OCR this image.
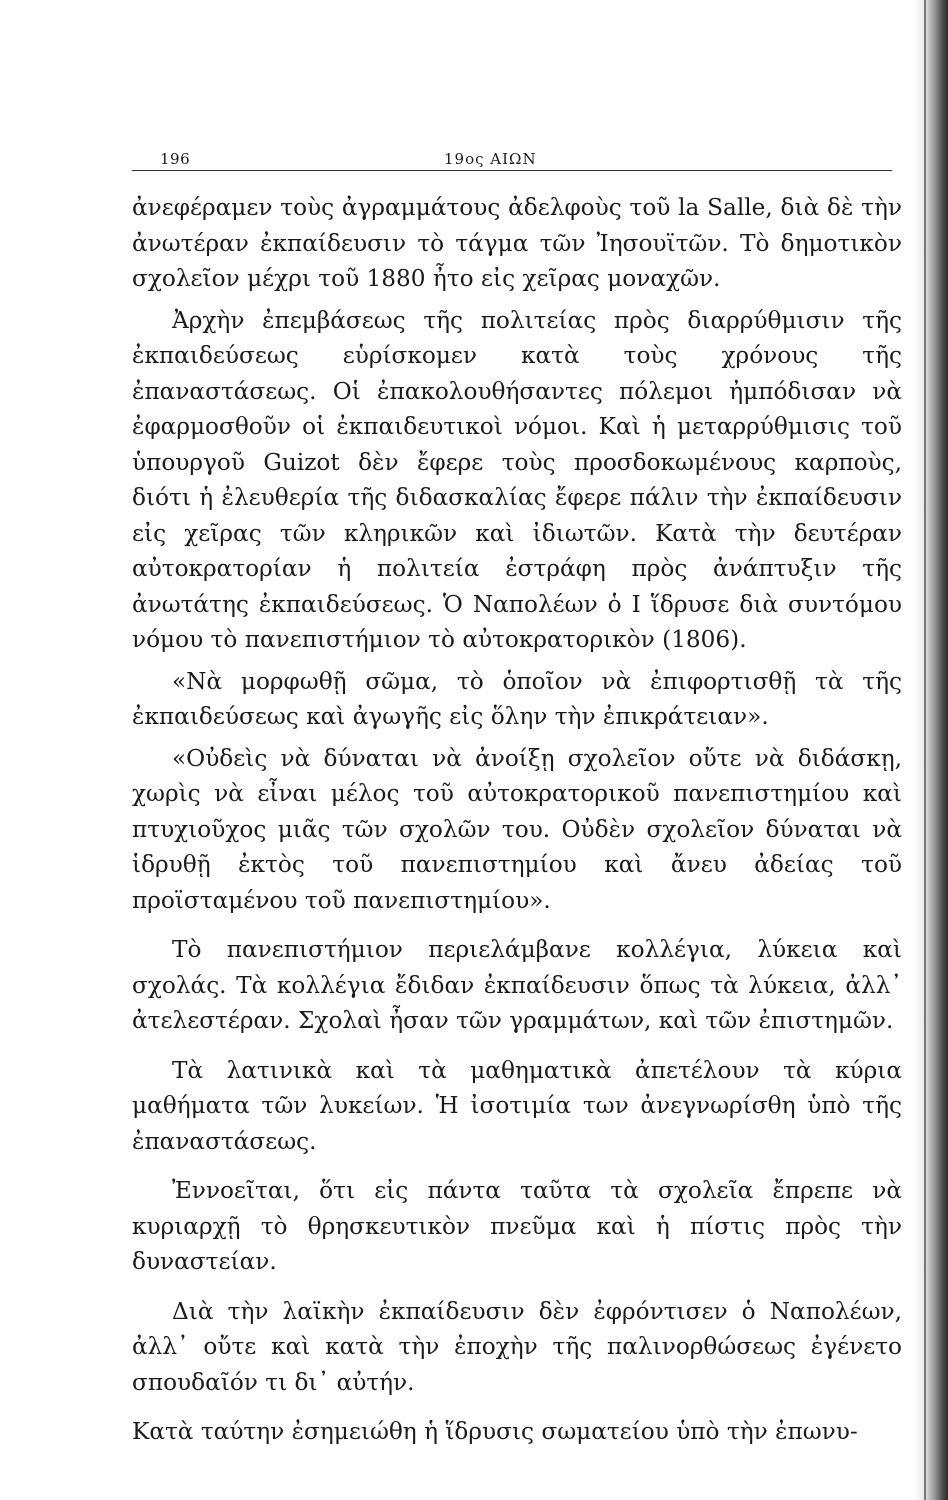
196	19ος ΑΙΩΝ

ἀνεφέραμεν τοὺς ἀγραμμάτους ἀδελφοὺς τοῦ la Salle, διὰ δὲ τὴν ἀνωτέραν ἐκπαίδευσιν τὸ τάγμα τῶν Ἰησουϊτῶν. Τὸ δημοτικὸν σχολεῖον μέχρι τοῦ 1880 ἦτο εἰς χεῖρας μοναχῶν.

Ἀρχὴν ἐπεμβάσεως τῆς πολιτείας πρὸς διαρρύθμισιν τῆς ἐκπαιδεύσεως εὑρίσκομεν κατὰ τοὺς χρόνους τῆς ἐπαναστάσεως. Οἱ ἐπακολουθήσαντες πόλεμοι ἠμπόδισαν νὰ ἐφαρμοσθοῦν οἱ ἐκπαιδευτικοὶ νόμοι. Καὶ ἡ μεταρρύθμισις τοῦ ὑπουργοῦ Guizot δὲν ἔφερε τοὺς προσδοκωμένους καρποὺς, διότι ἡ ἐλευθερία τῆς διδασκαλίας ἔφερε πάλιν τὴν ἐκπαίδευσιν εἰς χεῖρας τῶν κληρικῶν καὶ ἰδιωτῶν. Κατὰ τὴν δευτέραν αὐτοκρατορίαν ἡ πολιτεία ἐστράφη πρὸς ἀνάπτυξιν τῆς ἀνωτάτης ἐκπαιδεύσεως. Ὁ Ναπολέων ὁ Ι ἵδρυσε διὰ συντόμου νόμου τὸ πανεπιστήμιον τὸ αὐτοκρατορικὸν (1806).

«Νὰ μορφωθῇ σῶμα, τὸ ὁποῖον νὰ ἐπιφορτισθῇ τὰ τῆς ἐκπαιδεύσεως καὶ ἀγωγῆς εἰς ὅλην τὴν ἐπικράτειαν».

«Οὐδεὶς νὰ δύναται νὰ ἀνοίξῃ σχολεῖον οὔτε νὰ διδάσκῃ, χωρὶς νὰ εἶναι μέλος τοῦ αὐτοκρατορικοῦ πανεπιστημίου καὶ πτυχιοῦχος μιᾶς τῶν σχολῶν του. Οὐδὲν σχολεῖον δύναται νὰ ἱδρυθῇ ἐκτὸς τοῦ πανεπιστημίου καὶ ἄνευ ἀδείας τοῦ προϊσταμένου τοῦ πανεπιστημίου».

Τὸ πανεπιστήμιον περιελάμβανε κολλέγια, λύκεια καὶ σχολάς. Τὰ κολλέγια ἔδιδαν ἐκπαίδευσιν ὅπως τὰ λύκεια, ἀλλ᾽ ἀτελεστέραν. Σχολαὶ ἦσαν τῶν γραμμάτων, καὶ τῶν ἐπιστημῶν.

Τὰ λατινικὰ καὶ τὰ μαθηματικὰ ἀπετέλουν τὰ κύρια μαθήματα τῶν λυκείων. Ἡ ἰσοτιμία των ἀνεγνωρίσθη ὑπὸ τῆς ἐπαναστάσεως.

Ἐννοεῖται, ὅτι εἰς πάντα ταῦτα τὰ σχολεῖα ἔπρεπε νὰ κυριαρχῇ τὸ θρησκευτικὸν πνεῦμα καὶ ἡ πίστις πρὸς τὴν δυναστείαν.

Διὰ τὴν λαϊκὴν ἐκπαίδευσιν δὲν ἐφρόντισεν ὁ Ναπολέων, ἀλλ᾽ οὔτε καὶ κατὰ τὴν ἐποχὴν τῆς παλινορθώσεως ἐγένετο σπουδαῖόν τι δι᾽ αὐτήν.

Κατὰ ταύτην ἐσημειώθη ἡ ἵδρυσις σωματείου ὑπὸ τὴν ἐπωνυ-
